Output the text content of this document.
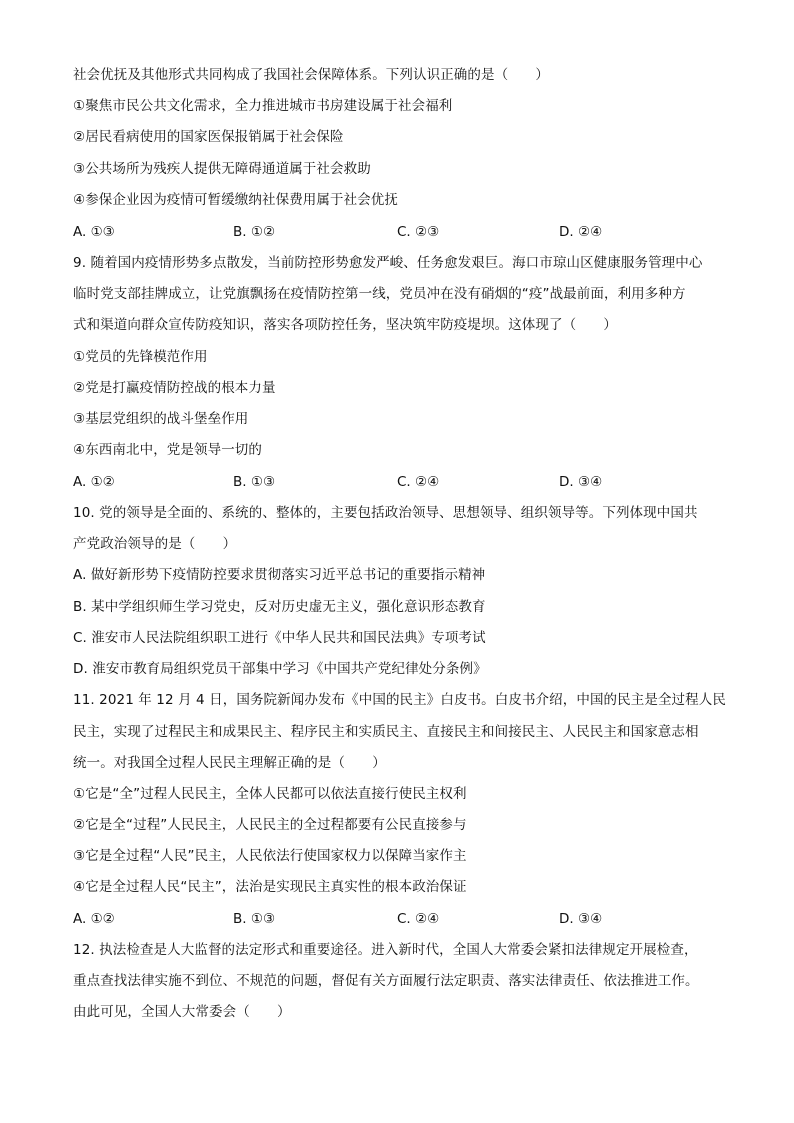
社会优抚及其他形式共同构成了我国社会保障体系。下列认识正确的是（　　）
①聚焦市民公共文化需求，全力推进城市书房建设属于社会福利
②居民看病使用的国家医保报销属于社会保险
③公共场所为残疾人提供无障碍通道属于社会救助
④参保企业因为疫情可暂缓缴纳社保费用属于社会优抚
A. ①③	B. ①②	C. ②③	D. ②④
9. 随着国内疫情形势多点散发，当前防控形势愈发严峻、任务愈发艰巨。海口市琼山区健康服务管理中心
临时党支部挂牌成立，让党旗飘扬在疫情防控第一线，党员冲在没有硝烟的“疫”战最前面，利用多种方
式和渠道向群众宣传防疫知识，落实各项防控任务，坚决筑牢防疫堤坝。这体现了（　　）
①党员的先锋模范作用
②党是打赢疫情防控战的根本力量
③基层党组织的战斗堡垒作用
④东西南北中，党是领导一切的
A. ①②	B. ①③	C. ②④	D. ③④
10. 党的领导是全面的、系统的、整体的，主要包括政治领导、思想领导、组织领导等。下列体现中国共
产党政治领导的是（　　）
A. 做好新形势下疫情防控要求贯彻落实习近平总书记的重要指示精神
B. 某中学组织师生学习党史，反对历史虚无主义，强化意识形态教育
C. 淮安市人民法院组织职工进行《中华人民共和国民法典》专项考试
D. 淮安市教育局组织党员干部集中学习《中国共产党纪律处分条例》
11. 2021 年 12 月 4 日，国务院新闻办发布《中国的民主》白皮书。白皮书介绍，中国的民主是全过程人民
民主，实现了过程民主和成果民主、程序民主和实质民主、直接民主和间接民主、人民民主和国家意志相
统一。对我国全过程人民民主理解正确的是（　　）
①它是“全”过程人民民主，全体人民都可以依法直接行使民主权利
②它是全“过程”人民民主，人民民主的全过程都要有公民直接参与
③它是全过程“人民”民主，人民依法行使国家权力以保障当家作主
④它是全过程人民“民主”，法治是实现民主真实性的根本政治保证
A. ①②	B. ①③	C. ②④	D. ③④
12. 执法检查是人大监督的法定形式和重要途径。进入新时代，全国人大常委会紧扣法律规定开展检查，
重点查找法律实施不到位、不规范的问题，督促有关方面履行法定职责、落实法律责任、依法推进工作。
由此可见，全国人大常委会（　　）
